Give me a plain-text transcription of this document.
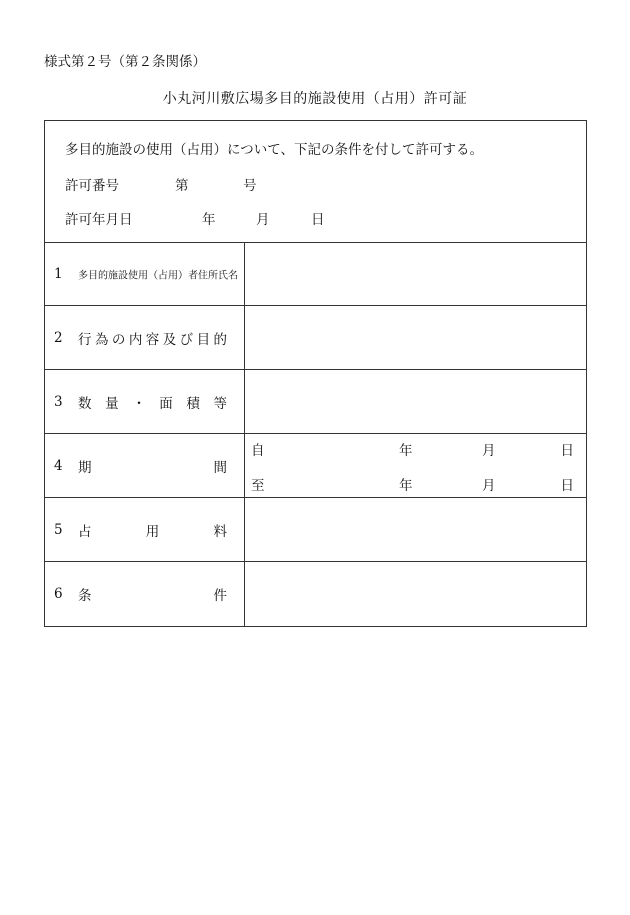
様式第２号（第２条関係）
小丸河川敷広場多目的施設使用（占用）許可証
多目的施設の使用（占用）について、下記の条件を付して許可する。
許可番号	第	号
許可年月日	年	月	日
1 多目的施設使用（占用）者住所氏名
2 行 為 の 内 容 及 び 目 的
3 数 量 ・ 面 積 等
4 期	間
自	年	月	日
至	年	月	日
5 占	用	料
6 条	件
